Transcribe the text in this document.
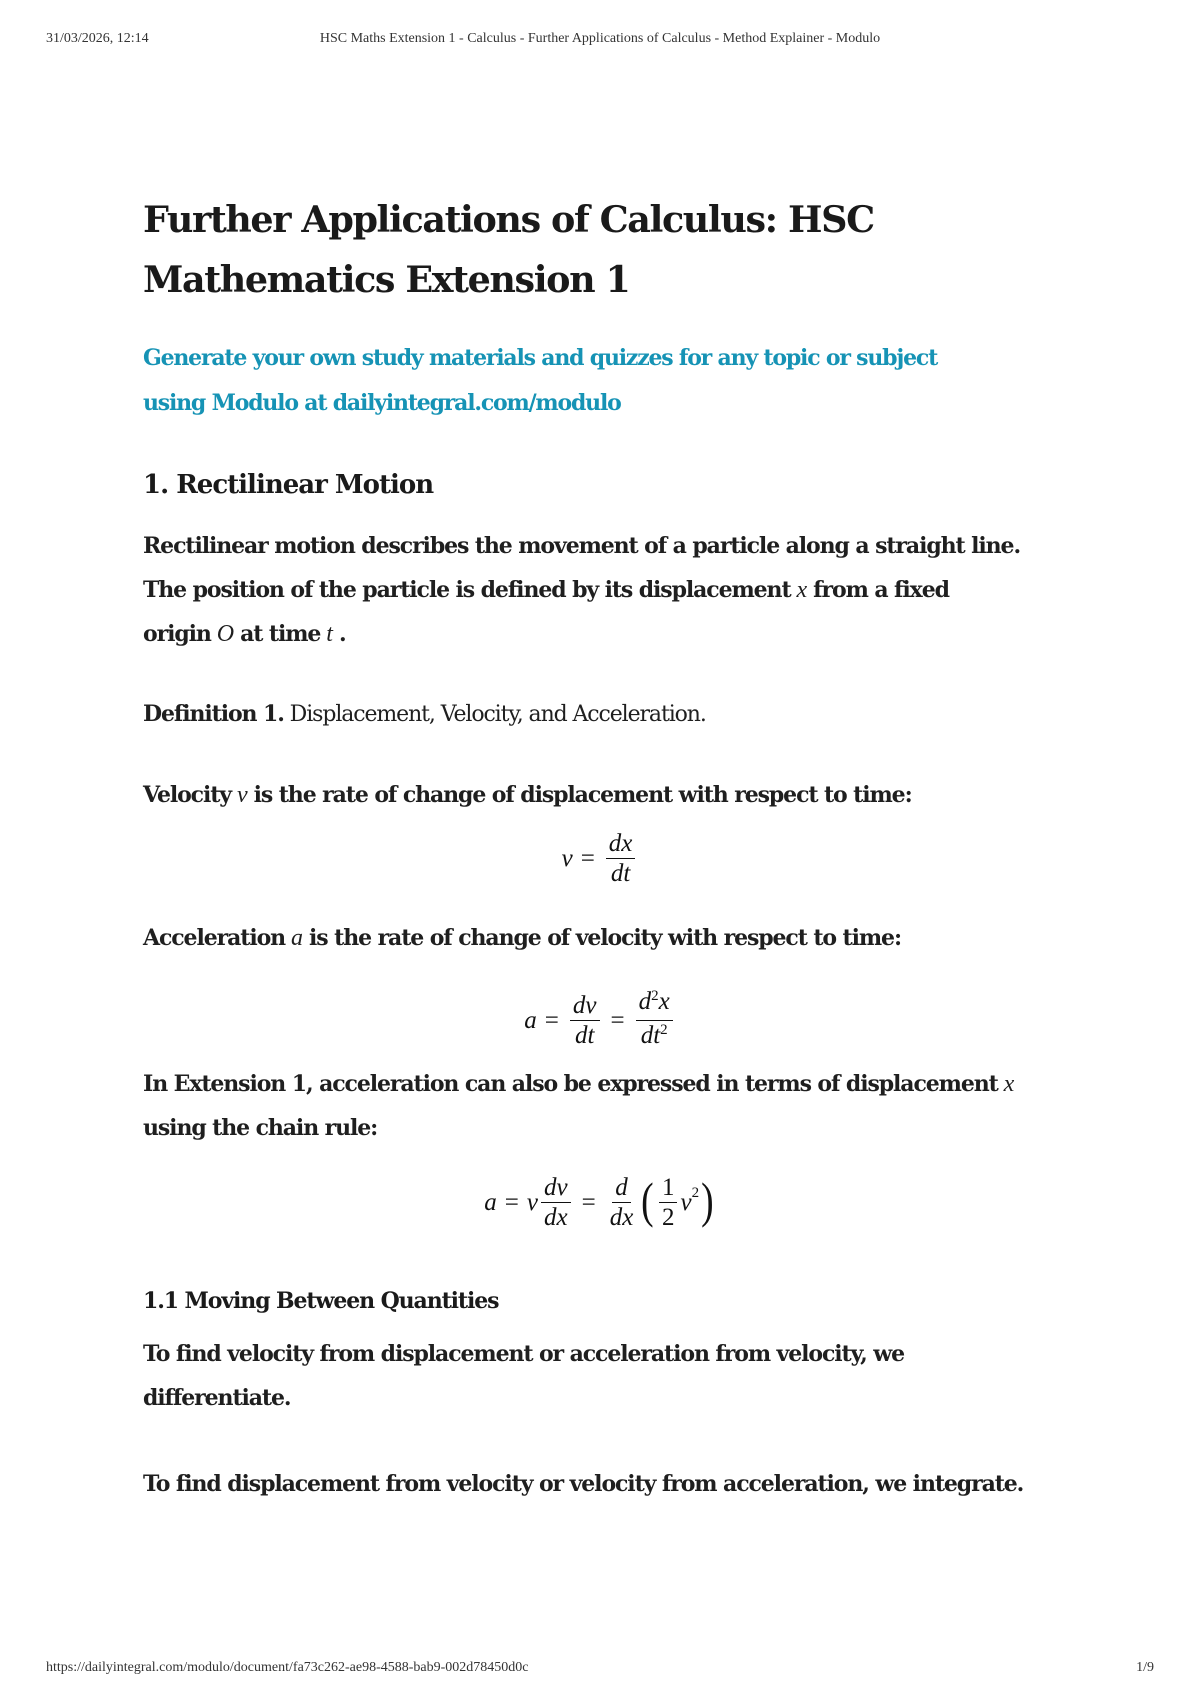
31/03/2026, 12:14	HSC Maths Extension 1 - Calculus - Further Applications of Calculus - Method Explainer - Modulo
Further Applications of Calculus: HSC
Mathematics Extension 1

Generate your own study materials and quizzes for any topic or subject
using Modulo at dailyintegral.com/modulo

1. Rectilinear Motion

Rectilinear motion describes the movement of a particle along a straight line.
The position of the particle is defined by its displacement x from a fixed
origin O at time t .

Definition 1. Displacement, Velocity, and Acceleration.

Velocity v is the rate of change of displacement with respect to time:

$v = \frac{dx}{dt}$

Acceleration a is the rate of change of velocity with respect to time:

$a = \frac{dv}{dt} = \frac{d^2x}{dt^2}$

In Extension 1, acceleration can also be expressed in terms of displacement x
using the chain rule:

a = v $\frac{dv}{dx} = \frac{d}{dx}$ ( $\frac{1}{2}$ v 2 )
1.1 Moving Between Quantities

To find velocity from displacement or acceleration from velocity, we
differentiate.

To find displacement from velocity or velocity from acceleration, we integrate.

https://dailyintegral.com/modulo/document/fa73c262-ae98-4588-bab9-002d78450d0c	1/9
